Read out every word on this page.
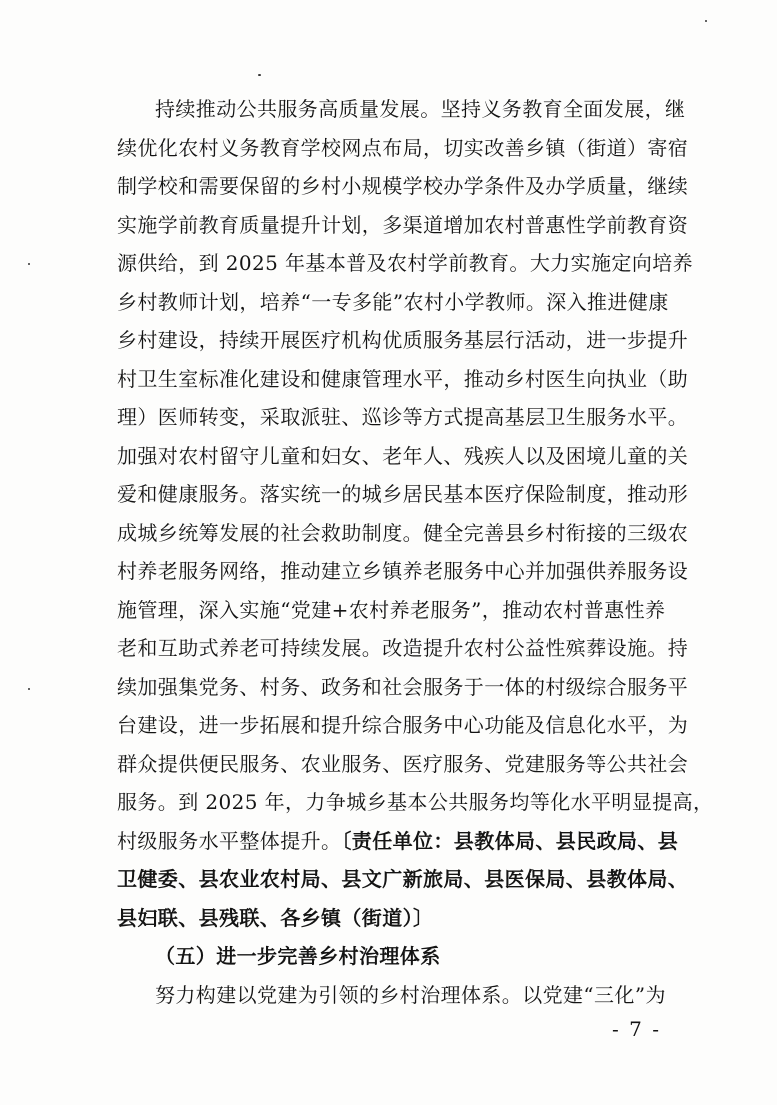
持续推动公共服务高质量发展。坚持义务教育全面发展，继
续优化农村义务教育学校网点布局，切实改善乡镇（街道）寄宿
制学校和需要保留的乡村小规模学校办学条件及办学质量，继续
实施学前教育质量提升计划，多渠道增加农村普惠性学前教育资
源供给，到 2025 年基本普及农村学前教育。大力实施定向培养
乡村教师计划，培养“一专多能”农村小学教师。深入推进健康
乡村建设，持续开展医疗机构优质服务基层行活动，进一步提升
村卫生室标准化建设和健康管理水平，推动乡村医生向执业（助
理）医师转变，采取派驻、巡诊等方式提高基层卫生服务水平。
加强对农村留守儿童和妇女、老年人、残疾人以及困境儿童的关
爱和健康服务。落实统一的城乡居民基本医疗保险制度，推动形
成城乡统筹发展的社会救助制度。健全完善县乡村衔接的三级农
村养老服务网络，推动建立乡镇养老服务中心并加强供养服务设
施管理，深入实施“党建+农村养老服务”，推动农村普惠性养
老和互助式养老可持续发展。改造提升农村公益性殡葬设施。持
续加强集党务、村务、政务和社会服务于一体的村级综合服务平
台建设，进一步拓展和提升综合服务中心功能及信息化水平，为
群众提供便民服务、农业服务、医疗服务、党建服务等公共社会
服务。到 2025 年，力争城乡基本公共服务均等化水平明显提高，
村级服务水平整体提升。〔责任单位：县教体局、县民政局、县
卫健委、县农业农村局、县文广新旅局、县医保局、县教体局、
县妇联、县残联、各乡镇（街道）〕
（五）进一步完善乡村治理体系
努力构建以党建为引领的乡村治理体系。以党建“三化”为
- 7 -
